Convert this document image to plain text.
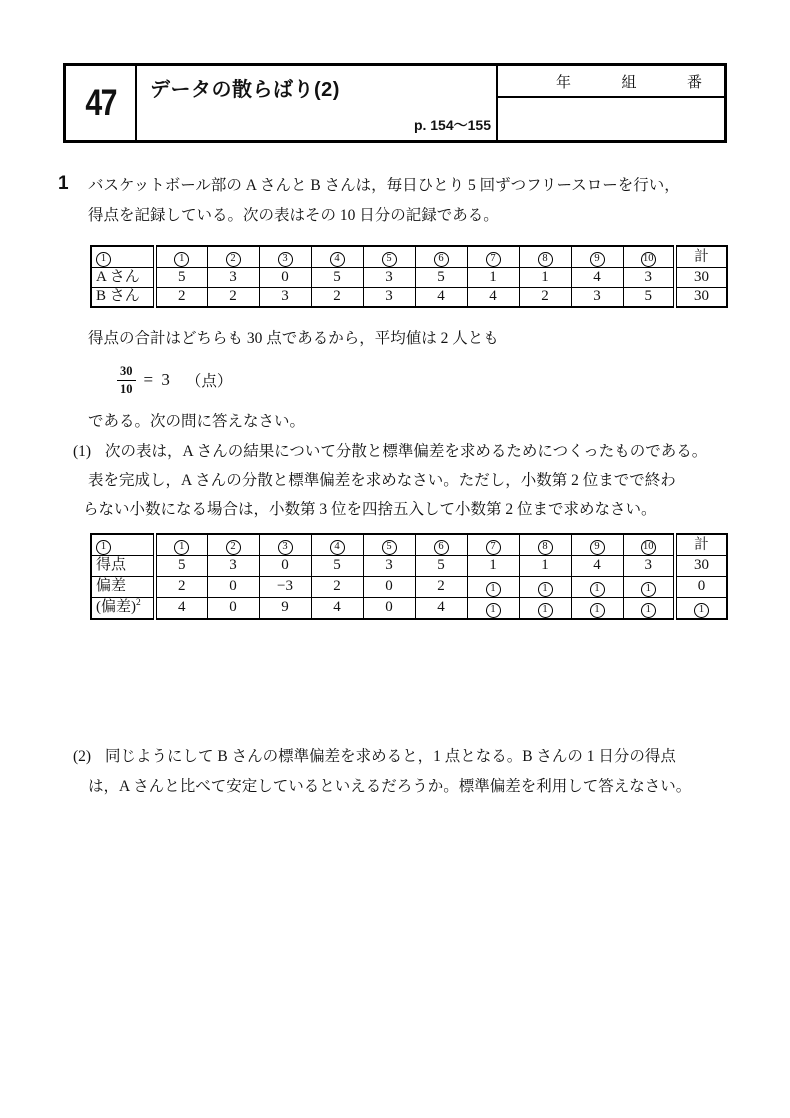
47 データの散らばり(2)
p. 154～155
年	組	番
1 バスケットボール部の A さんと B さんは，毎日ひとり 5 回ずつフリースローを行い，
得点を記録している。次の表はその 10 日分の記録である。
1	1	2	3	4	5	6	7	8	9	10	計
A さん	5	3	0	5	3	5	1	1	4	3	30
B さん	2	2	3	2	3	4	4	2	3	5	30
得点の合計はどちらも 30 点であるから，平均値は 2 人とも
$\frac{30}{10} = 3$ （点）
である。次の問に答えなさい。
(1) 次の表は，A さんの結果について分散と標準偏差を求めるためにつくったものである。
表を完成し，A さんの分散と標準偏差を求めなさい。ただし，小数第 2 位までで終わ
らない小数になる場合は，小数第 3 位を四捨五入して小数第 2 位まで求めなさい。
1	1	2	3	4	5	6	7	8	9	10	計
得点	5	3	0	5	3	5	1	1	4	3	30
偏差	2	0	−3	2	0	2	1	1	1	1	0
(偏差)$^2$	4	0	9	4	0	4	1	1	1	1	1
(2) 同じようにして B さんの標準偏差を求めると，1 点となる。B さんの 1 日分の得点
は，A さんと比べて安定しているといえるだろうか。標準偏差を利用して答えなさい。
